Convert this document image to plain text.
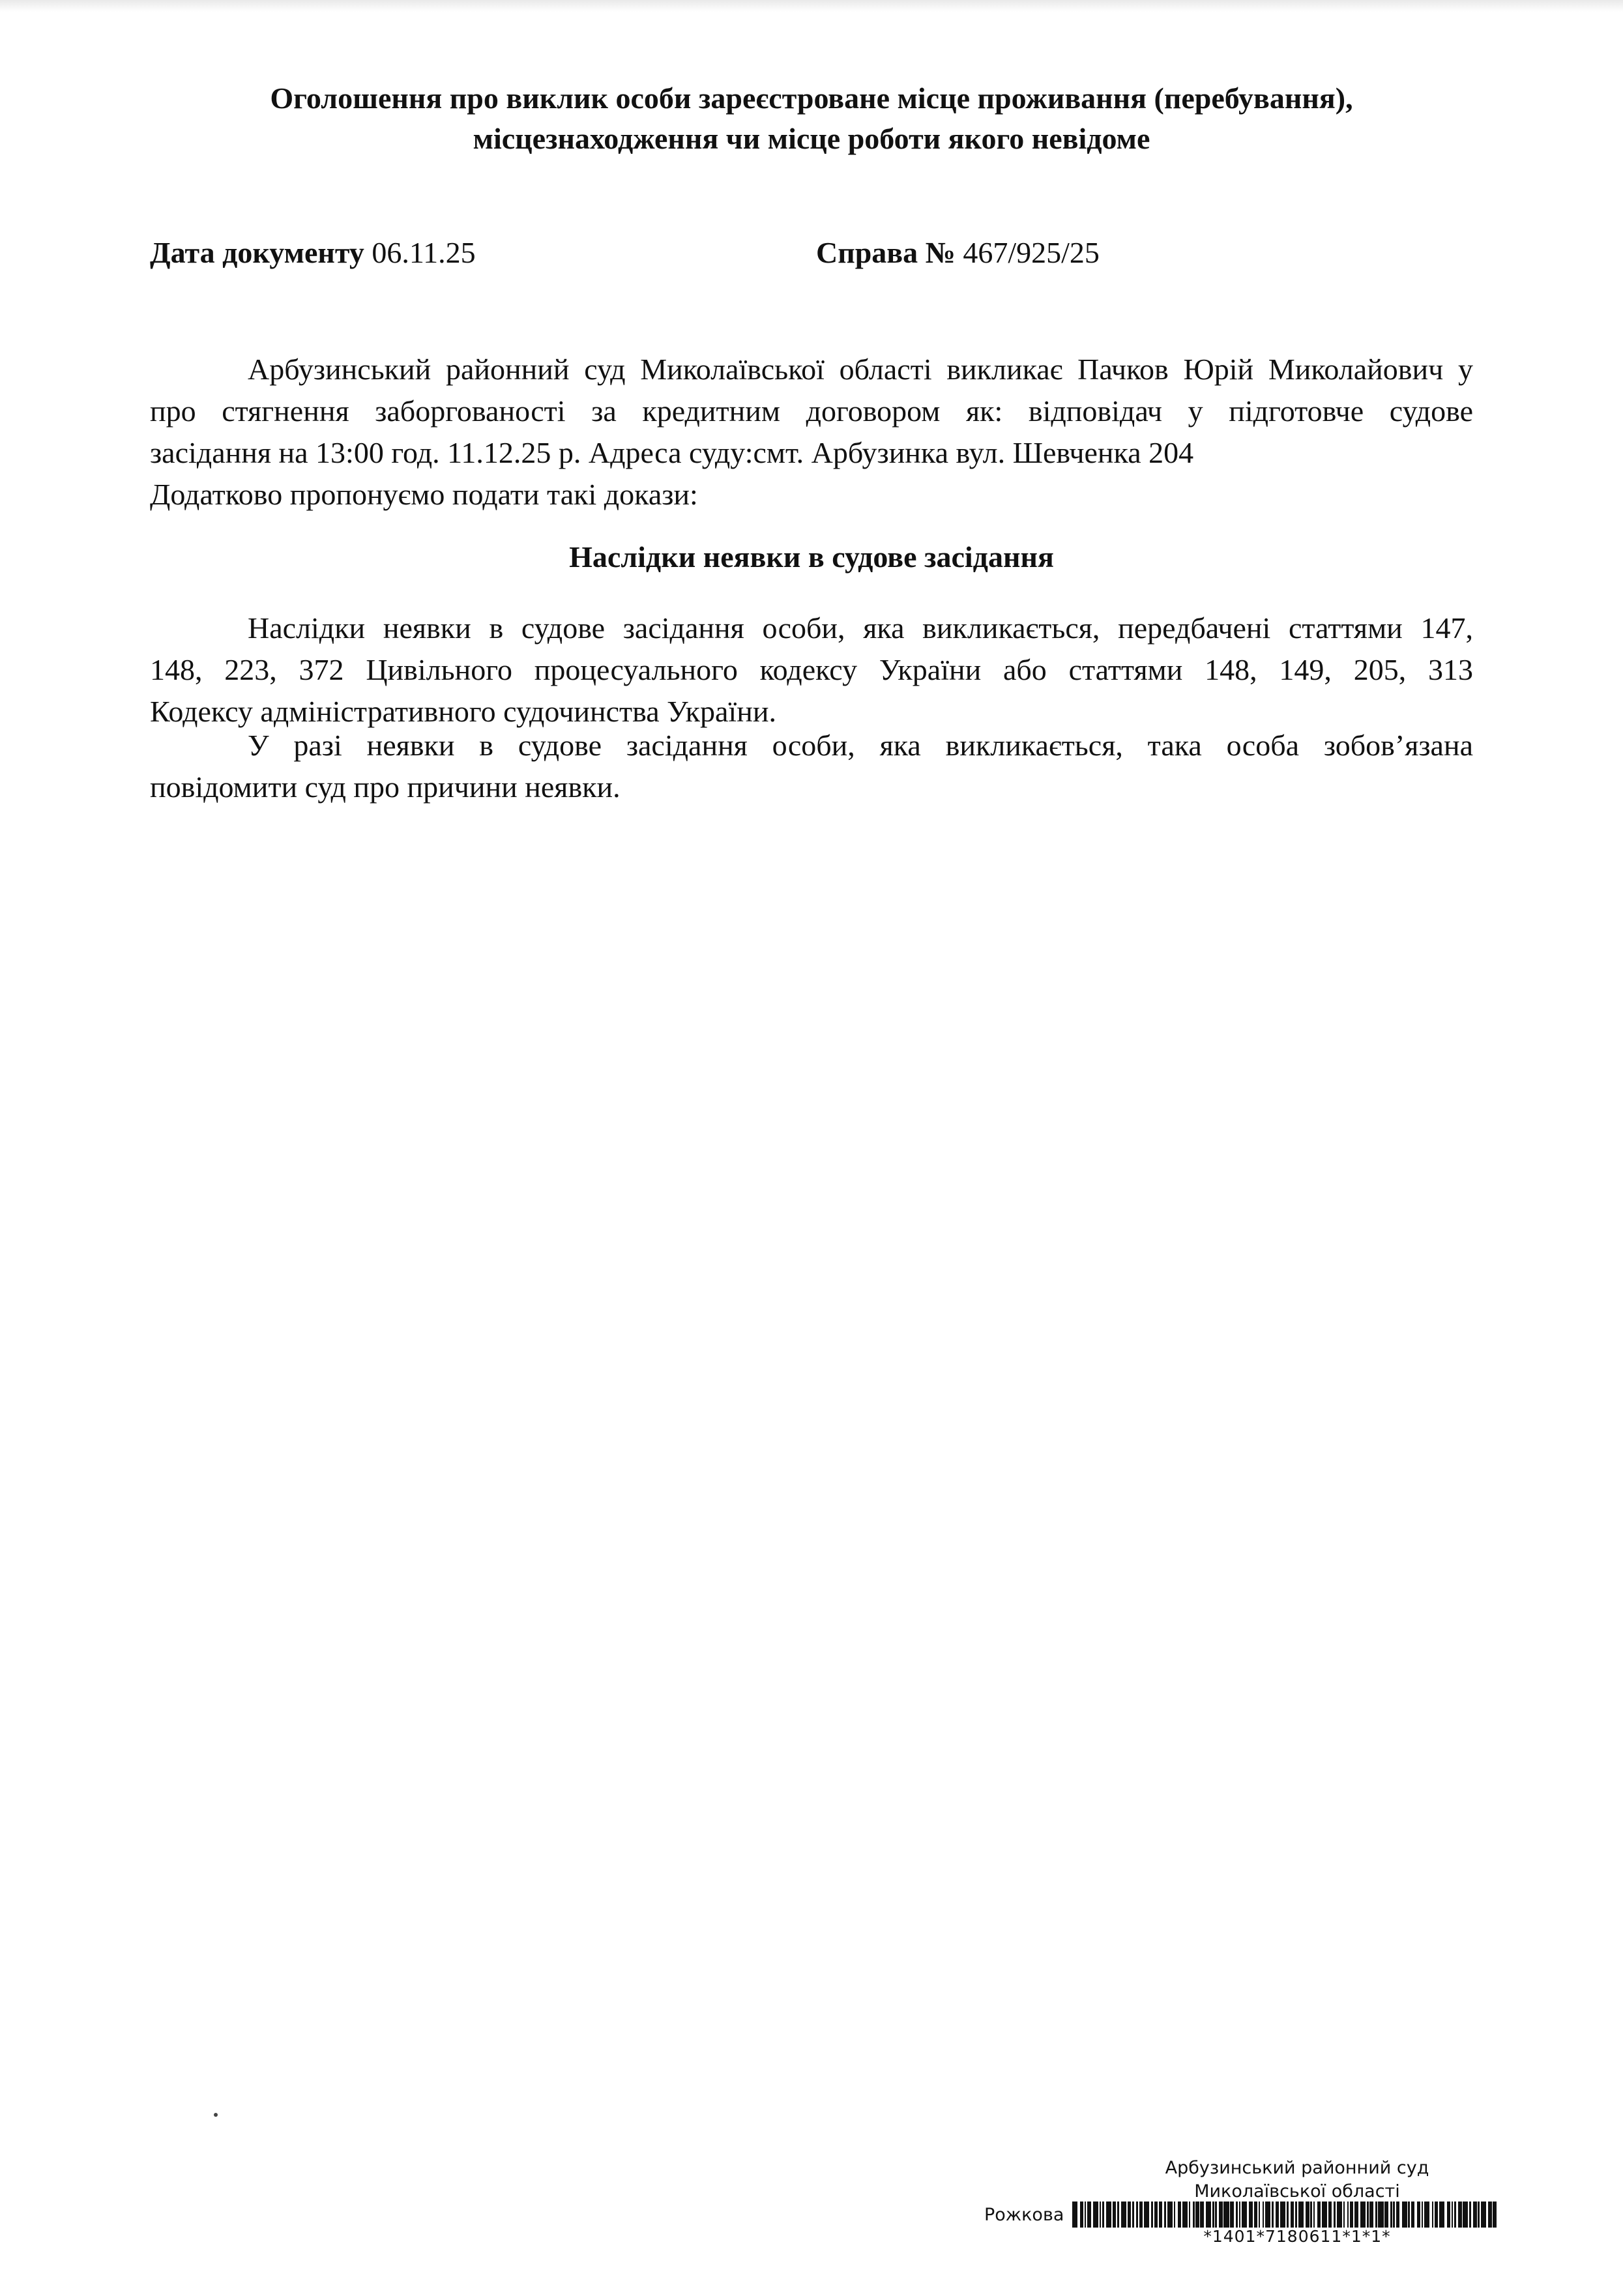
Оголошення про виклик особи зареєстроване місце проживання (перебування),
місцезнаходження чи місце роботи якого невідоме
Дата документу 06.11.25	Справа № 467/925/25
Арбузинський районний суд Миколаївської області викликає Пачков Юрій Миколайович у
про стягнення заборгованості за кредитним договором як: відповідач у підготовче судове
засідання на 13:00 год. 11.12.25 р. Адреса суду:смт. Арбузинка вул. Шевченка 204
Додатково пропонуємо подати такі докази:
Наслідки неявки в судове засідання
Наслідки неявки в судове засідання особи, яка викликається, передбачені статтями 147,
148, 223, 372 Цивільного процесуального кодексу України або статтями 148, 149, 205, 313
Кодексу адміністративного судочинства України.
У разі неявки в судове засідання особи, яка викликається, така особа зобов’язана
повідомити суд про причини неявки.
Арбузинський районний суд
Миколаївської області
Рожкова
*1401*7180611*1*1*
